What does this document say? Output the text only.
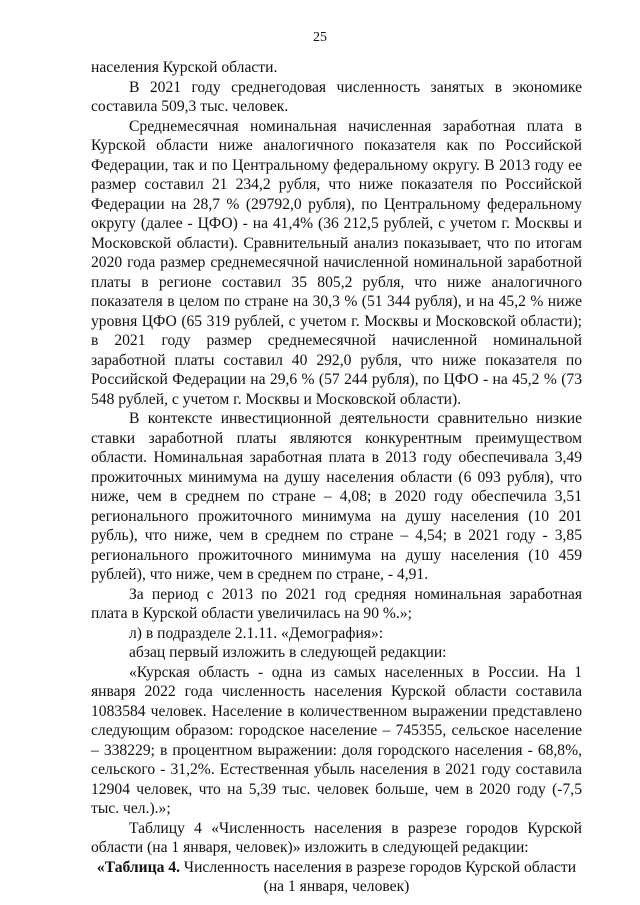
25

населения Курской области.

В 2021 году среднегодовая численность занятых в экономике составила 509,3 тыс. человек.

Среднемесячная номинальная начисленная заработная плата в Курской области ниже аналогичного показателя как по Российской Федерации, так и по Центральному федеральному округу. В 2013 году ее размер составил 21 234,2 рубля, что ниже показателя по Российской Федерации на 28,7 % (29792,0 рубля), по Центральному федеральному округу (далее - ЦФО) - на 41,4% (36 212,5 рублей, с учетом г. Москвы и Московской области). Сравнительный анализ показывает, что по итогам 2020 года размер среднемесячной начисленной номинальной заработной платы в регионе составил 35 805,2 рубля, что ниже аналогичного показателя в целом по стране на 30,3 % (51 344 рубля), и на 45,2 % ниже уровня ЦФО (65 319 рублей, с учетом г. Москвы и Московской области); в 2021 году размер среднемесячной начисленной номинальной заработной платы составил 40 292,0 рубля, что ниже показателя по Российской Федерации на 29,6 % (57 244 рубля), по ЦФО - на 45,2 % (73 548 рублей, с учетом г. Москвы и Московской области).

В контексте инвестиционной деятельности сравнительно низкие ставки заработной платы являются конкурентным преимуществом области. Номинальная заработная плата в 2013 году обеспечивала 3,49 прожиточных минимума на душу населения области (6 093 рубля), что ниже, чем в среднем по стране – 4,08; в 2020 году обеспечила 3,51 регионального прожиточного минимума на душу населения (10 201 рубль), что ниже, чем в среднем по стране – 4,54; в 2021 году - 3,85 регионального прожиточного минимума на душу населения (10 459 рублей), что ниже, чем в среднем по стране, - 4,91.

За период с 2013 по 2021 год средняя номинальная заработная плата в Курской области увеличилась на 90 %.»;

л) в подразделе 2.1.11. «Демография»:

абзац первый изложить в следующей редакции:

«Курская область - одна из самых населенных в России. На 1 января 2022 года численность населения Курской области составила 1083584 человек. Население в количественном выражении представлено следующим образом: городское население – 745355, сельское население – 338229; в процентном выражении: доля городского населения - 68,8%, сельского - 31,2%. Естественная убыль населения в 2021 году составила 12904 человек, что на 5,39 тыс. человек больше, чем в 2020 году (-7,5 тыс. чел.).»;

Таблицу 4 «Численность населения в разрезе городов Курской области (на 1 января, человек)» изложить в следующей редакции:

«Таблица 4. Численность населения в разрезе городов Курской области
(на 1 января, человек)
